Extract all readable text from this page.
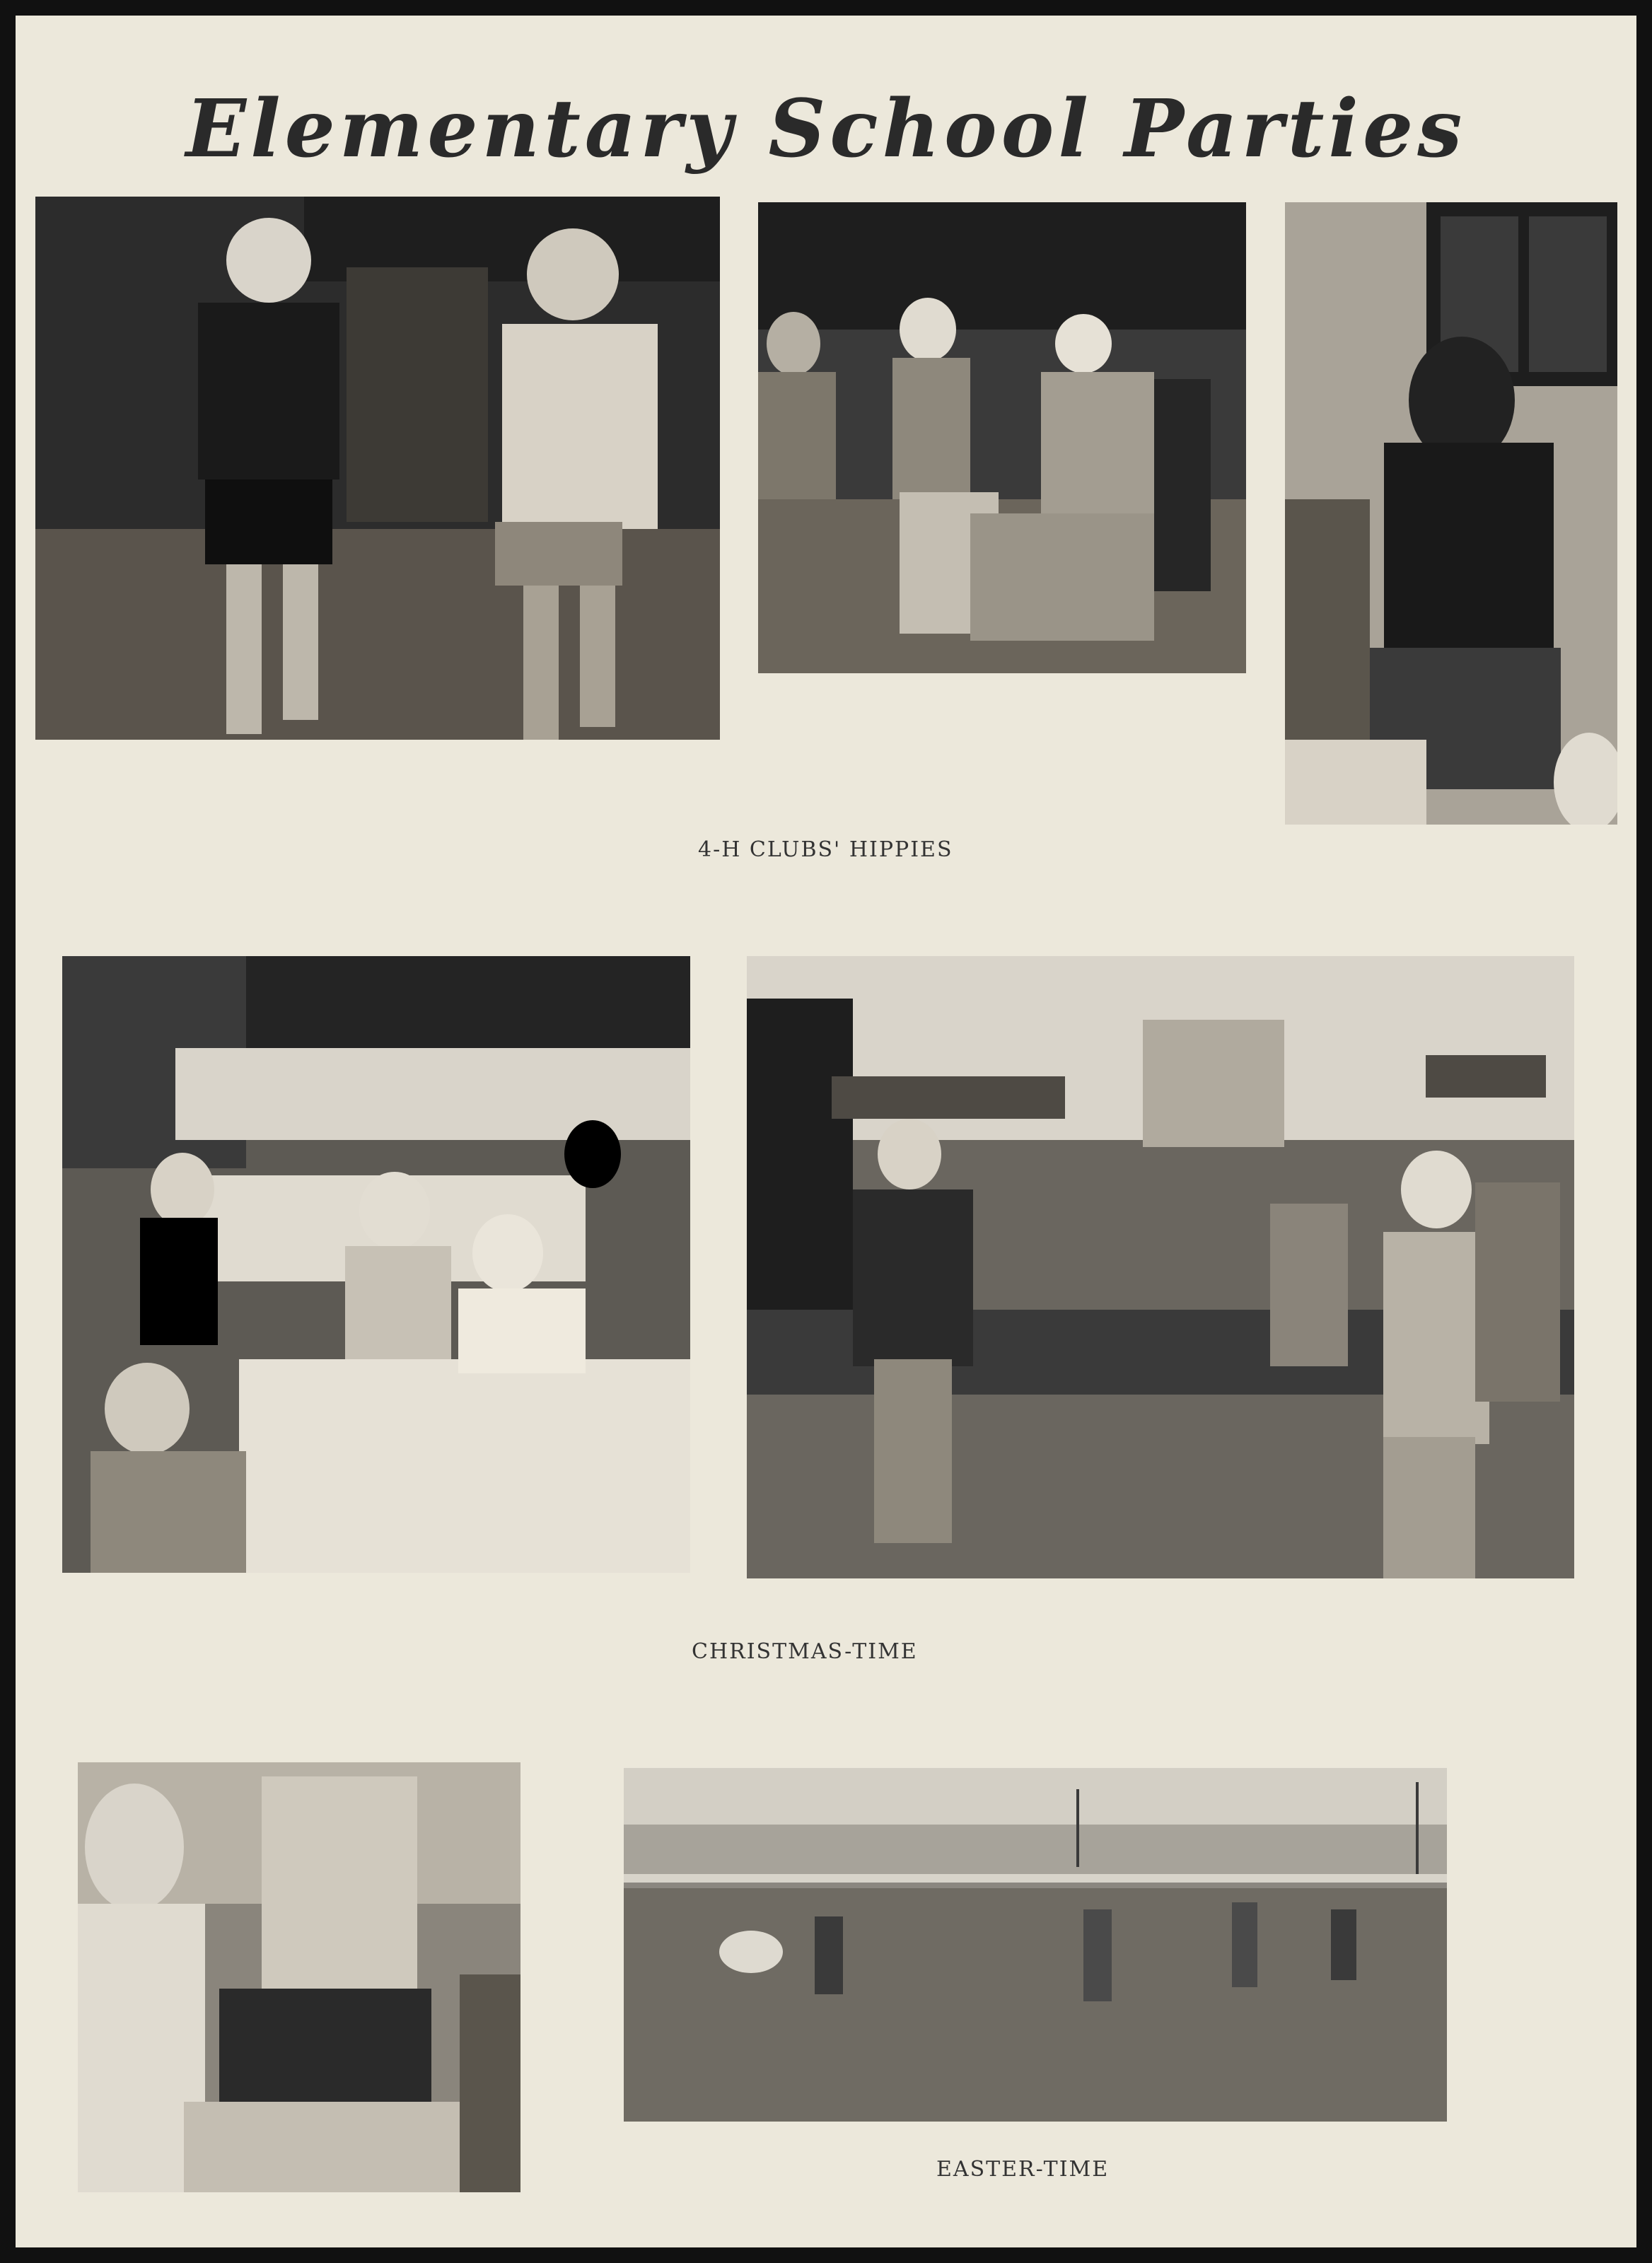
Elementary School Parties
4-H CLUBS' HIPPIES
CHRISTMAS-TIME
EASTER-TIME
